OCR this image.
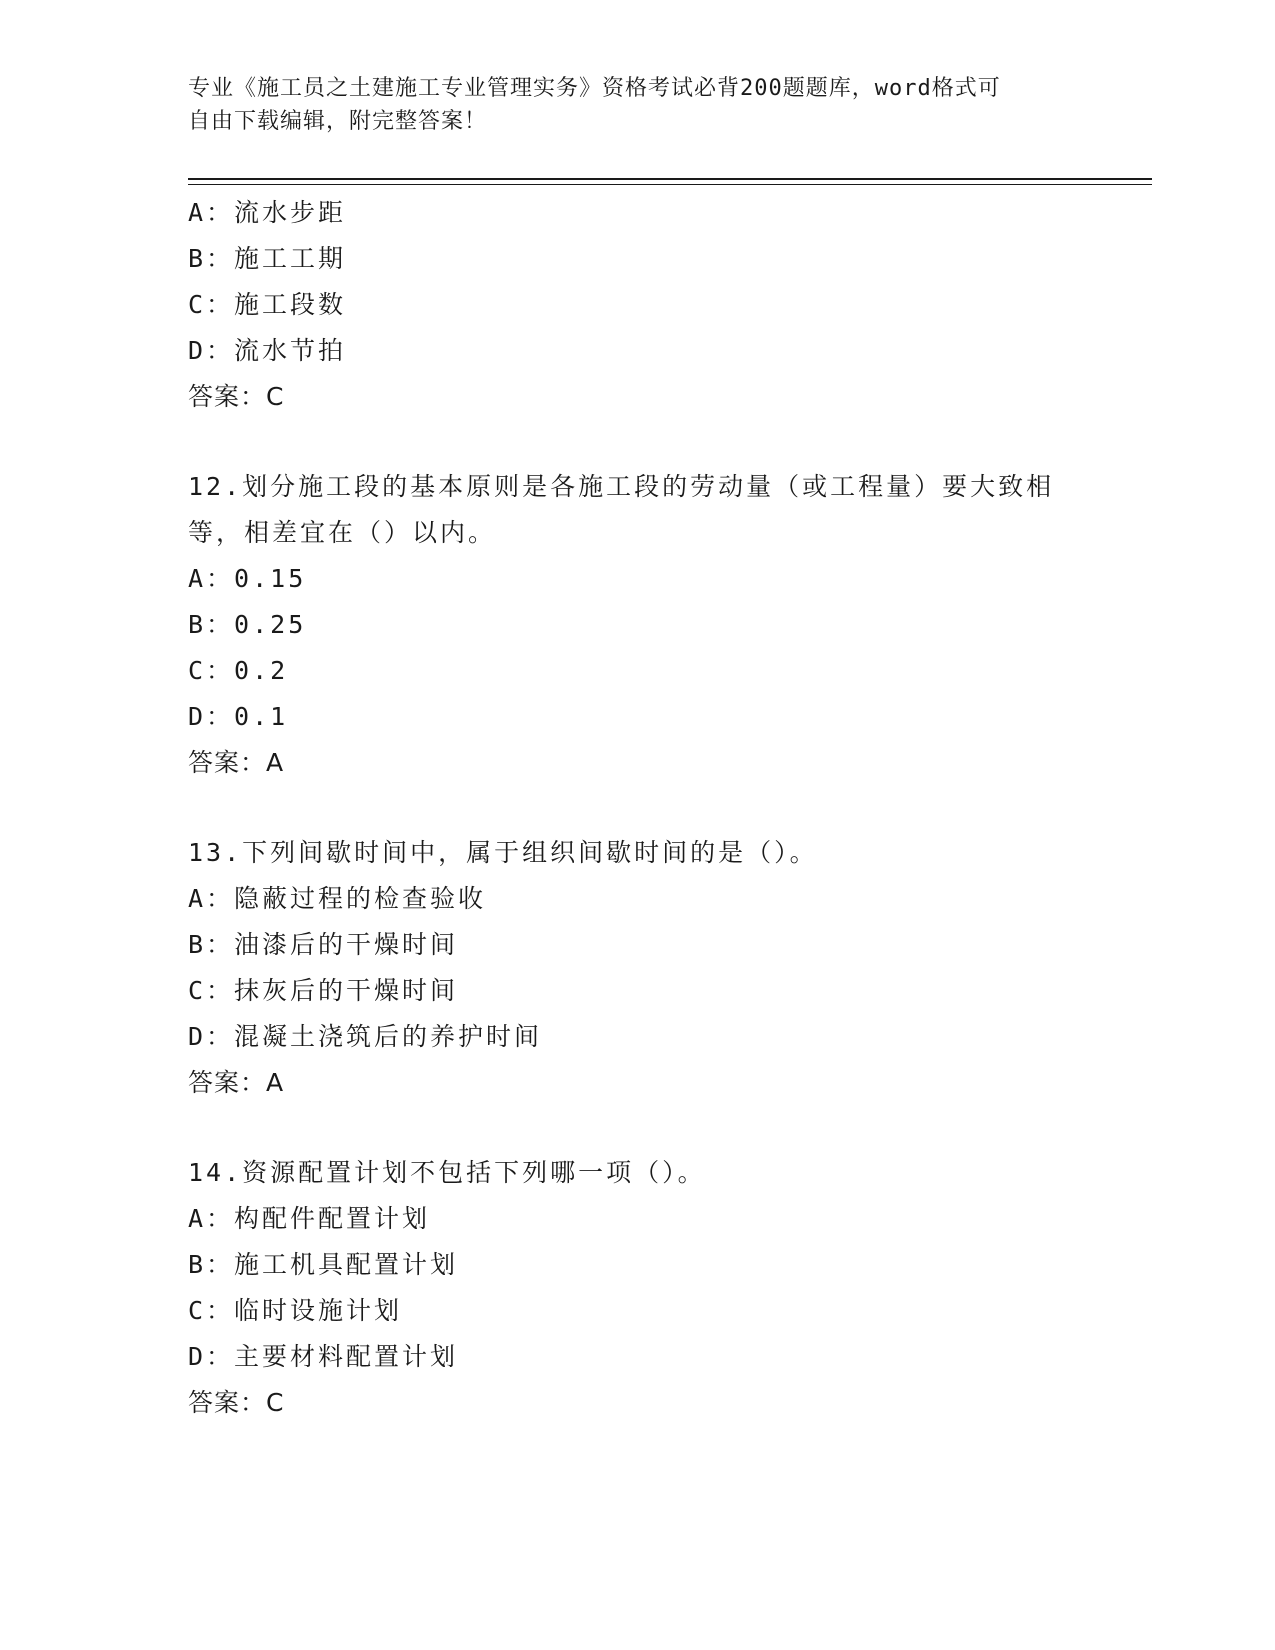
专业《施工员之土建施工专业管理实务》资格考试必背200题题库，word格式可
自由下载编辑，附完整答案！
A：流水步距
B：施工工期
C：施工段数
D：流水节拍
答案：C
12.划分施工段的基本原则是各施工段的劳动量（或工程量）要大致相
等，相差宜在（）以内。
A：0.15
B：0.25
C：0.2
D：0.1
答案：A
13.下列间歇时间中，属于组织间歇时间的是（）。
A：隐蔽过程的检查验收
B：油漆后的干燥时间
C：抹灰后的干燥时间
D：混凝土浇筑后的养护时间
答案：A
14.资源配置计划不包括下列哪一项（）。
A：构配件配置计划
B：施工机具配置计划
C：临时设施计划
D：主要材料配置计划
答案：C
